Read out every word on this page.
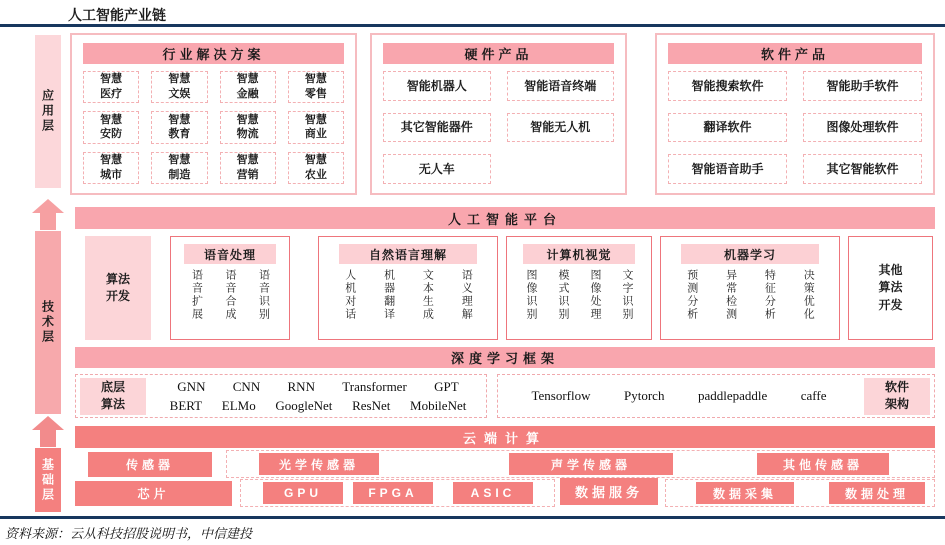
人工智能产业链
应用层
技术层
基础层
行业解决方案
智慧医疗
智慧文娱
智慧金融
智慧零售
智慧安防
智慧教育
智慧物流
智慧商业
智慧城市
智慧制造
智慧营销
智慧农业
硬件产品
智能机器人	智能语音终端
其它智能器件	智能无人机
无人车
软件产品
智能搜索软件	智能助手软件
翻译软件	图像处理软件
智能语音助手	其它智能软件
人工智能平台
算法开发
语音处理
语音扩展 语音合成 语音识别
自然语言理解
人机对话 机器翻译 文本生成 语义理解
计算机视觉
图像识别 模式识别 图像处理 文字识别
机器学习
预测分析 异常检测 特征分析 决策优化	其他算法开发
深度学习框架
底层算法
GNN CNN RNN Transformer GPT
BERT ELMo GoogleNet ResNet MobileNet
Tensorflow	Pytorch	paddlepaddle	caffe
软件架构
云端计算
传感器	光学传感器	声学传感器	其他传感器
芯片	GPU	FPGA	ASIC	数据服务	数据采集	数据处理
资料来源：云从科技招股说明书，中信建投
